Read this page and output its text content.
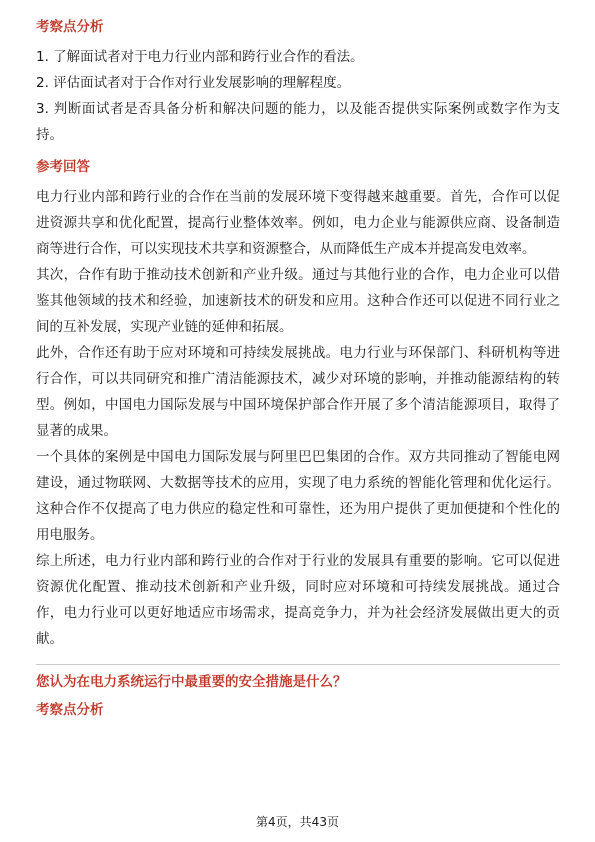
考察点分析

1. 了解面试者对于电力行业内部和跨行业合作的看法。

2. 评估面试者对于合作对行业发展影响的理解程度。

3. 判断面试者是否具备分析和解决问题的能力，以及能否提供实际案例或数字作为支持。

参考回答

电力行业内部和跨行业的合作在当前的发展环境下变得越来越重要。首先，合作可以促进资源共享和优化配置，提高行业整体效率。例如，电力企业与能源供应商、设备制造商等进行合作，可以实现技术共享和资源整合，从而降低生产成本并提高发电效率。

其次，合作有助于推动技术创新和产业升级。通过与其他行业的合作，电力企业可以借鉴其他领域的技术和经验，加速新技术的研发和应用。这种合作还可以促进不同行业之间的互补发展，实现产业链的延伸和拓展。

此外，合作还有助于应对环境和可持续发展挑战。电力行业与环保部门、科研机构等进行合作，可以共同研究和推广清洁能源技术，减少对环境的影响，并推动能源结构的转型。例如，中国电力国际发展与中国环境保护部合作开展了多个清洁能源项目，取得了显著的成果。

一个具体的案例是中国电力国际发展与阿里巴巴集团的合作。双方共同推动了智能电网建设，通过物联网、大数据等技术的应用，实现了电力系统的智能化管理和优化运行。这种合作不仅提高了电力供应的稳定性和可靠性，还为用户提供了更加便捷和个性化的用电服务。

综上所述，电力行业内部和跨行业的合作对于行业的发展具有重要的影响。它可以促进资源优化配置、推动技术创新和产业升级，同时应对环境和可持续发展挑战。通过合作，电力行业可以更好地适应市场需求，提高竞争力，并为社会经济发展做出更大的贡献。

您认为在电力系统运行中最重要的安全措施是什么？

考察点分析

第4页，共43页
